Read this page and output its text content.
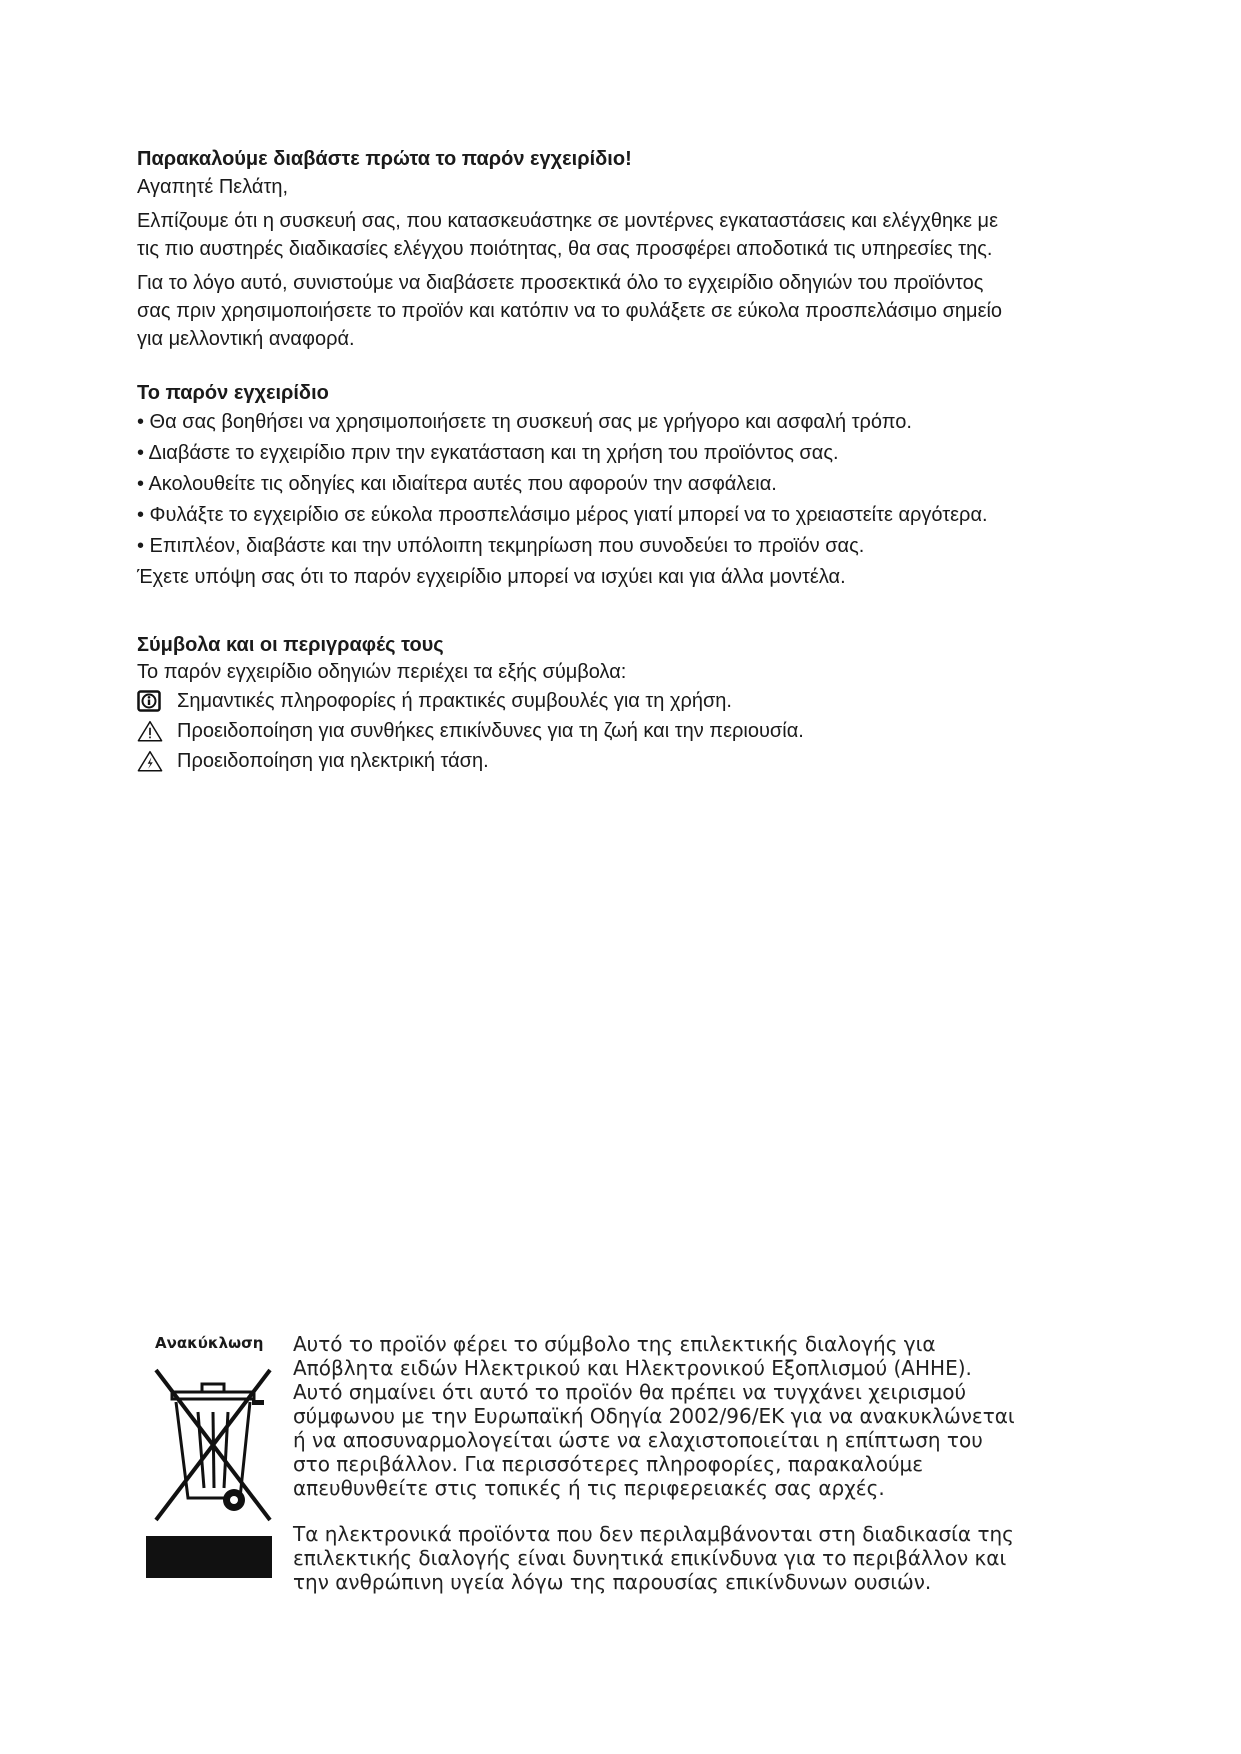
Παρακαλούμε διαβάστε πρώτα το παρόν εγχειρίδιο!

Αγαπητέ Πελάτη,

Ελπίζουμε ότι η συσκευή σας, που κατασκευάστηκε σε μοντέρνες εγκαταστάσεις και ελέγχθηκε με

τις πιο αυστηρές διαδικασίες ελέγχου ποιότητας, θα σας προσφέρει αποδοτικά τις υπηρεσίες της.

Για το λόγο αυτό, συνιστούμε να διαβάσετε προσεκτικά όλο το εγχειρίδιο οδηγιών του προϊόντος

σας πριν χρησιμοποιήσετε το προϊόν και κατόπιν να το φυλάξετε σε εύκολα προσπελάσιμο σημείο

για μελλοντική αναφορά.

Το παρόν εγχειρίδιο

• Θα σας βοηθήσει να χρησιμοποιήσετε τη συσκευή σας με γρήγορο και ασφαλή τρόπο.

• Διαβάστε το εγχειρίδιο πριν την εγκατάσταση και τη χρήση του προϊόντος σας.

• Ακολουθείτε τις οδηγίες και ιδιαίτερα αυτές που αφορούν την ασφάλεια.

• Φυλάξτε το εγχειρίδιο σε εύκολα προσπελάσιμο μέρος γιατί μπορεί να το χρειαστείτε αργότερα.

• Επιπλέον, διαβάστε και την υπόλοιπη τεκμηρίωση που συνοδεύει το προϊόν σας.

Έχετε υπόψη σας ότι το παρόν εγχειρίδιο μπορεί να ισχύει και για άλλα μοντέλα.

Σύμβολα και οι περιγραφές τους

Το παρόν εγχειρίδιο οδηγιών περιέχει τα εξής σύμβολα:

Σημαντικές πληροφορίες ή πρακτικές συμβουλές για τη χρήση.
Προειδοποίηση για συνθήκες επικίνδυνες για τη ζωή και την περιουσία.
Προειδοποίηση για ηλεκτρική τάση.
Ανακύκλωση Αυτό το προϊόν φέρει το σύμβολο της επιλεκτικής διαλογής για

Απόβλητα ειδών Ηλεκτρικού και Ηλεκτρονικού Εξοπλισμού (ΑΗΗΕ).

Αυτό σημαίνει ότι αυτό το προϊόν θα πρέπει να τυγχάνει χειρισμού

σύμφωνου με την Ευρωπαϊκή Οδηγία 2002/96/ΕΚ για να ανακυκλώνεται

ή να αποσυναρμολογείται ώστε να ελαχιστοποιείται η επίπτωση του

στο περιβάλλον. Για περισσότερες πληροφορίες, παρακαλούμε

απευθυνθείτε στις τοπικές ή τις περιφερειακές σας αρχές.

Τα ηλεκτρονικά προϊόντα που δεν περιλαμβάνονται στη διαδικασία της

επιλεκτικής διαλογής είναι δυνητικά επικίνδυνα για το περιβάλλον και

την ανθρώπινη υγεία λόγω της παρουσίας επικίνδυνων ουσιών.
